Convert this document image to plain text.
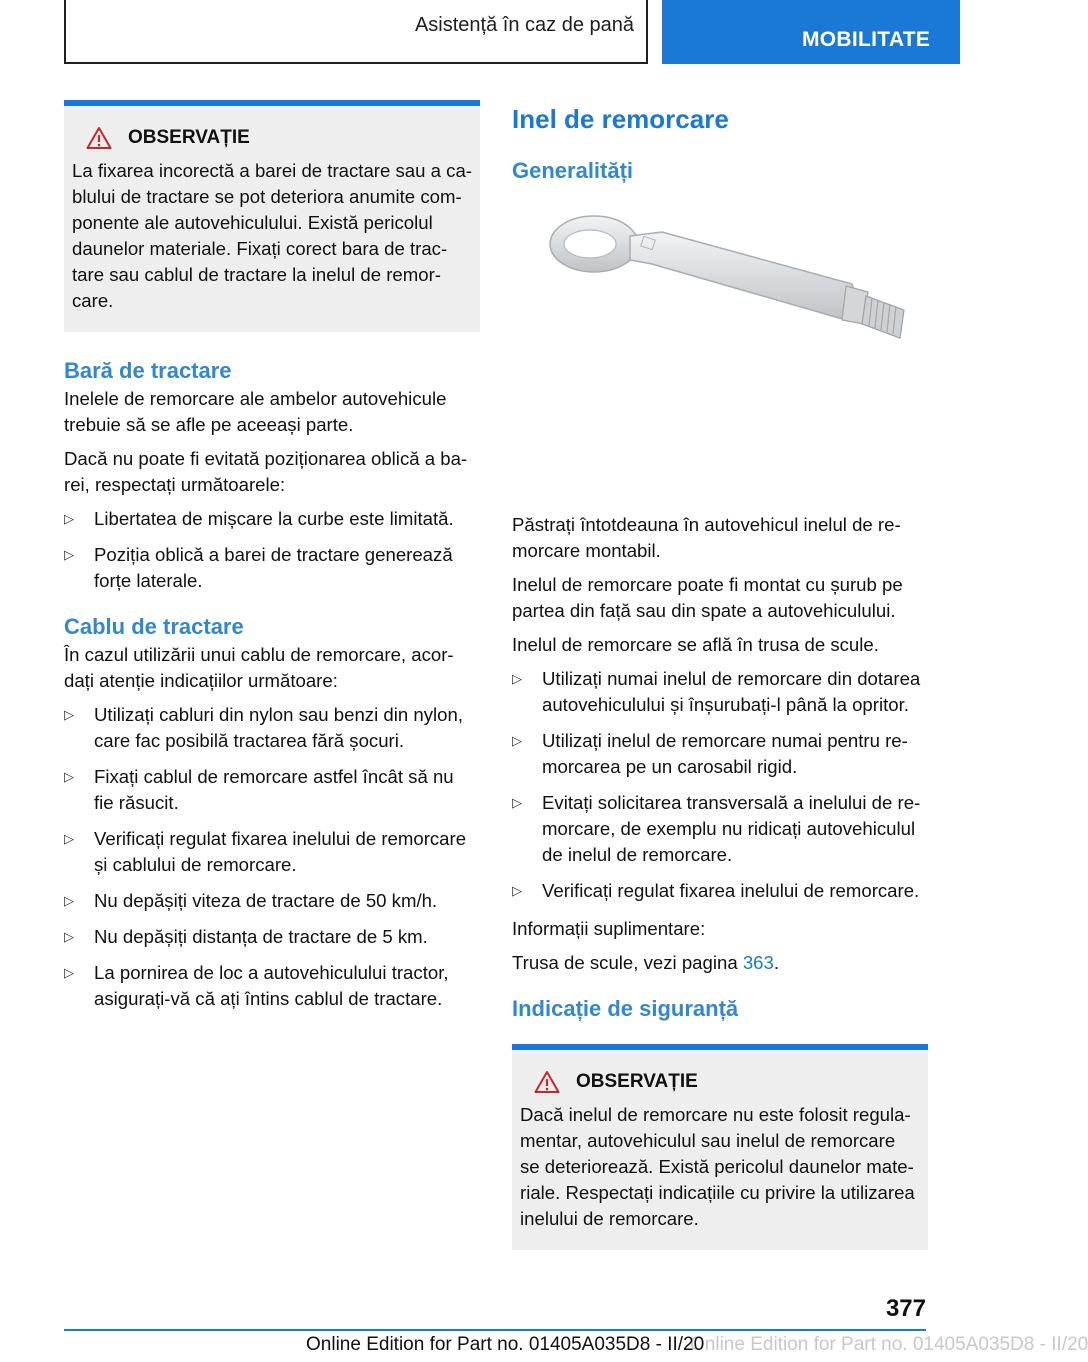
Asistență în caz de pană
MOBILITATE
OBSERVAȚIE

La fixarea incorectă a barei de tractare sau a ca‐
blului de tractare se pot deteriora anumite com‐
ponente ale autovehiculului. Există pericolul
daunelor materiale. Fixați corect bara de trac‐
tare sau cablul de tractare la inelul de remor‐
care.

Bară de tractare

Inelele de remorcare ale ambelor autovehicule
trebuie să se afle pe aceeași parte.

Dacă nu poate fi evitată poziționarea oblică a ba‐
rei, respectați următoarele:

▷ Libertatea de mișcare la curbe este limitată.
▷ Poziția oblică a barei de tractare generează
forțe laterale.
Cablu de tractare

În cazul utilizării unui cablu de remorcare, acor‐
dați atenție indicațiilor următoare:

▷ Utilizați cabluri din nylon sau benzi din nylon,
care fac posibilă tractarea fără șocuri.
▷ Fixați cablul de remorcare astfel încât să nu
fie răsucit.
▷ Verificați regulat fixarea inelului de remorcare
și cablului de remorcare.
▷ Nu depășiți viteza de tractare de 50 km/h.
▷ Nu depășiți distanța de tractare de 5 km.
▷ La pornirea de loc a autovehiculului tractor,
asigurați-vă că ați întins cablul de tractare.
Inel de remorcare
Generalități

Păstrați întotdeauna în autovehicul inelul de re‐
morcare montabil.

Inelul de remorcare poate fi montat cu șurub pe
partea din față sau din spate a autovehiculului.

Inelul de remorcare se află în trusa de scule.

▷ Utilizați numai inelul de remorcare din dotarea
autovehiculului și înșurubați-l până la opritor.
▷ Utilizați inelul de remorcare numai pentru re‐
morcarea pe un carosabil rigid.
▷ Evitați solicitarea transversală a inelului de re‐
morcare, de exemplu nu ridicați autovehiculul
de inelul de remorcare.
▷ Verificați regulat fixarea inelului de remorcare.

Informații suplimentare:

Trusa de scule, vezi pagina 363.

Indicație de siguranță
OBSERVAȚIE

Dacă inelul de remorcare nu este folosit regula‐
mentar, autovehiculul sau inelul de remorcare
se deteriorează. Există pericolul daunelor mate‐
riale. Respectați indicațiile cu privire la utilizarea
inelului de remorcare.

377
Online Edition for Part no. 01405A035D8 - II/20
Online Edition for Part no. 01405A035D8 - II/20
